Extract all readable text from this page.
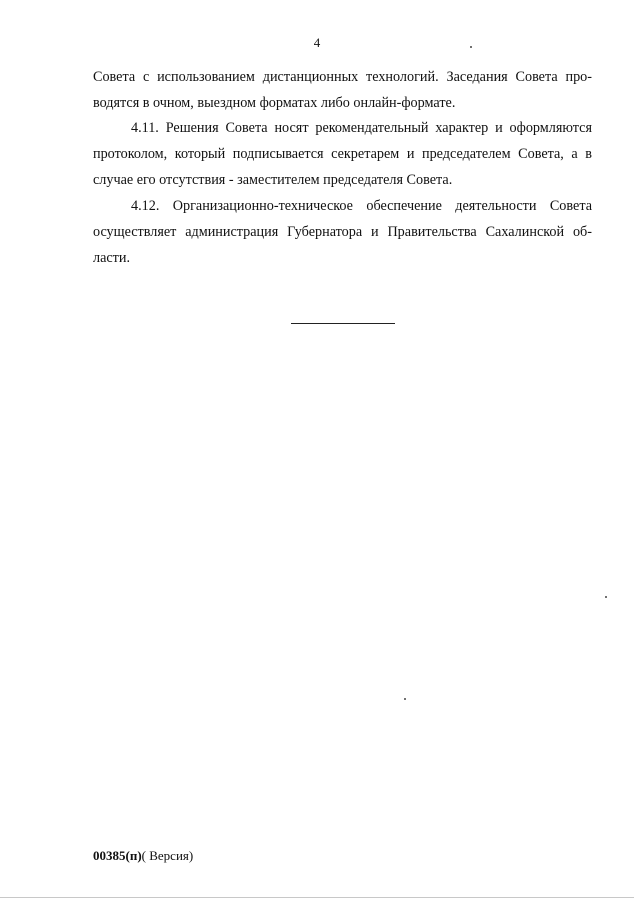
4
Совета с использованием дистанционных технологий. Заседания Совета про-
водятся в очном, выездном форматах либо онлайн-формате.
4.11. Решения Совета носят рекомендательный характер и оформляются
протоколом, который подписывается секретарем и председателем Совета, а в
случае его отсутствия - заместителем председателя Совета.
4.12. Организационно-техническое обеспечение деятельности Совета
осуществляет администрация Губернатора и Правительства Сахалинской об-
ласти.
00385(п)( Версия)
